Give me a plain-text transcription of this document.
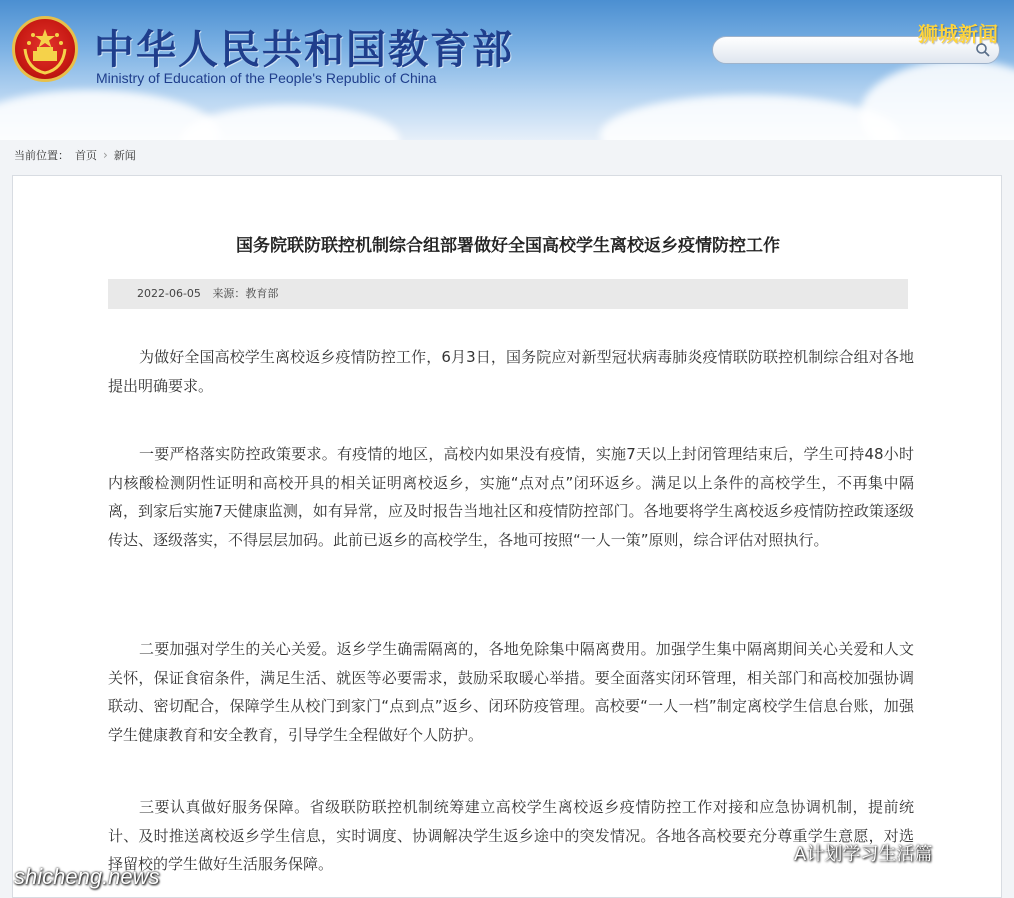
中华人民共和国教育部
Ministry of Education of the People's Republic of China
狮城新闻
当前位置： 首页 › 新闻
国务院联防联控机制综合组部署做好全国高校学生离校返乡疫情防控工作
2022-06-05 来源：教育部

为做好全国高校学生离校返乡疫情防控工作，6月3日，国务院应对新型冠状病毒肺炎疫情联防联控机制综合组对各地提出明确要求。

一要严格落实防控政策要求。有疫情的地区，高校内如果没有疫情，实施7天以上封闭管理结束后，学生可持48小时内核酸检测阴性证明和高校开具的相关证明离校返乡，实施“点对点”闭环返乡。满足以上条件的高校学生，不再集中隔离，到家后实施7天健康监测，如有异常，应及时报告当地社区和疫情防控部门。各地要将学生离校返乡疫情防控政策逐级传达、逐级落实，不得层层加码。此前已返乡的高校学生，各地可按照“一人一策”原则，综合评估对照执行。

二要加强对学生的关心关爱。返乡学生确需隔离的，各地免除集中隔离费用。加强学生集中隔离期间关心关爱和人文关怀，保证食宿条件，满足生活、就医等必要需求，鼓励采取暖心举措。要全面落实闭环管理，相关部门和高校加强协调联动、密切配合，保障学生从校门到家门“点到点”返乡、闭环防疫管理。高校要“一人一档”制定离校学生信息台账，加强学生健康教育和安全教育，引导学生全程做好个人防护。

三要认真做好服务保障。省级联防联控机制统筹建立高校学生离校返乡疫情防控工作对接和应急协调机制，提前统计、及时推送离校返乡学生信息，实时调度、协调解决学生返乡途中的突发情况。各地各高校要充分尊重学生意愿，对选择留校的学生做好生活服务保障。

shicheng.news
A计划学习生活篇
